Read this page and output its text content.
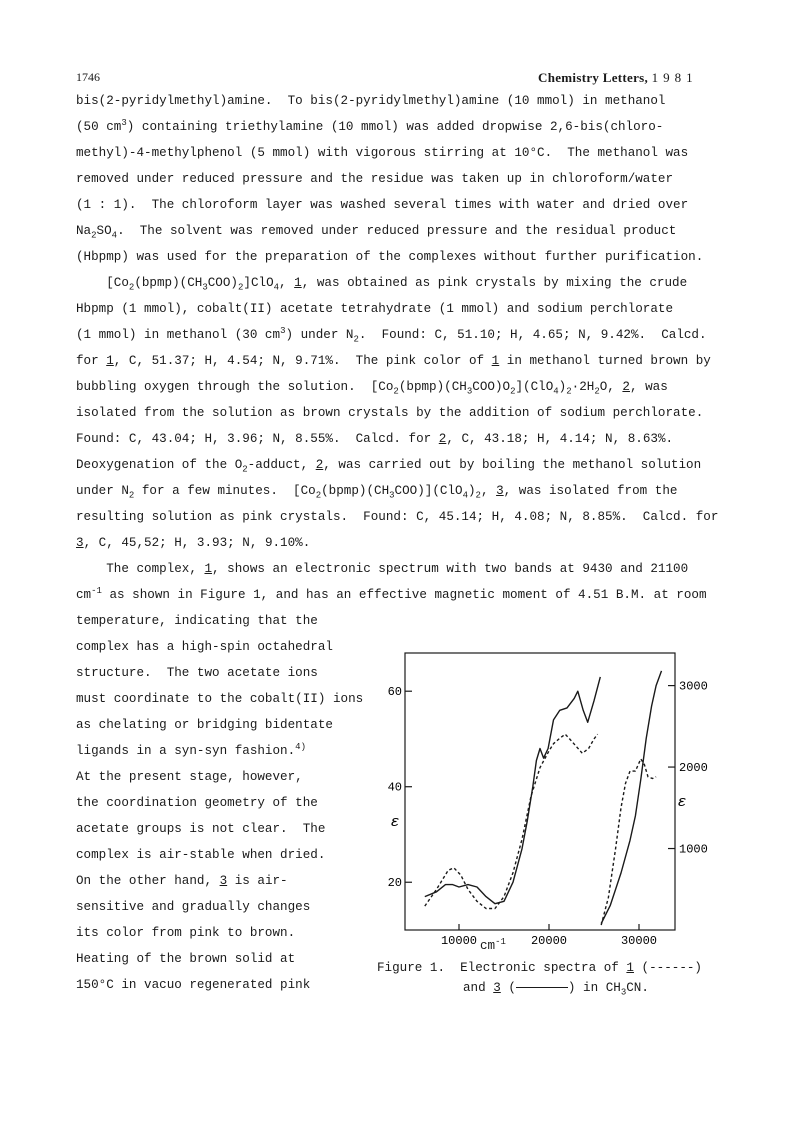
1746	Chemistry Letters, 1981
bis(2-pyridylmethyl)amine.  To bis(2-pyridylmethyl)amine (10 mmol) in methanol
(50 $cm^3$) containing triethylamine (10 mmol) was added dropwise 2,6-bis(chloro-
methyl)-4-methylphenol (5 mmol) with vigorous stirring at 10°C.  The methanol was
removed under reduced pressure and the residue was taken up in chloroform/water
(1 : 1).  The chloroform layer was washed several times with water and dried over
$Na_2SO_4$.  The solvent was removed under reduced pressure and the residual product
(Hbpmp) was used for the preparation of the complexes without further purification.
$[Co_2(bpmp)(CH_3COO)_2]ClO_4$, 1, was obtained as pink crystals by mixing the crude
Hbpmp (1 mmol), cobalt(II) acetate tetrahydrate (1 mmol) and sodium perchlorate
(1 mmol) in methanol (30 $cm^3$) under $N_2$.  Found: C, 51.10; H, 4.65; N, 9.42%.  Calcd.
for 1, C, 51.37; H, 4.54; N, 9.71%.  The pink color of 1 in methanol turned brown by
bubbling oxygen through the solution.  $[Co_2(bpmp)(CH_3COO)O_2](ClO_4)_2\cdot 2H_2O$, 2, was
isolated from the solution as brown crystals by the addition of sodium perchlorate.
Found: C, 43.04; H, 3.96; N, 8.55%.  Calcd. for 2, C, 43.18; H, 4.14; N, 8.63%.
Deoxygenation of the $O_2$-adduct, 2, was carried out by boiling the methanol solution
under $N_2$ for a few minutes.  $[Co_2(bpmp)(CH_3COO)](ClO_4)_2$, 3, was isolated from the
resulting solution as pink crystals.  Found: C, 45.14; H, 4.08; N, 8.85%.  Calcd. for
3, C, 45,52; H, 3.93; N, 9.10%.
The complex, 1, shows an electronic spectrum with two bands at 9430 and 21100
$cm^{-1}$ as shown in Figure 1, and has an effective magnetic moment of 4.51 B.M. at room
temperature, indicating that the
complex has a high-spin octahedral
structure.  The two acetate ions
must coordinate to the cobalt(II) ions
as chelating or bridging bidentate
ligands in a syn-syn fashion.$^{4)}$
At the present stage, however,
the coordination geometry of the
acetate groups is not clear.  The
complex is air-stable when dried.
On the other hand, 3 is air-
sensitive and gradually changes
its color from pink to brown.
Heating of the brown solid at
150°C in vacuo regenerated pink
20
40
60
1000
2000
3000
10000	20000	30000
ε
ε
$cm^{-1}$
Figure 1.  Electronic spectra of 1 (------)
and 3 (	) in $CH_3CN$.
